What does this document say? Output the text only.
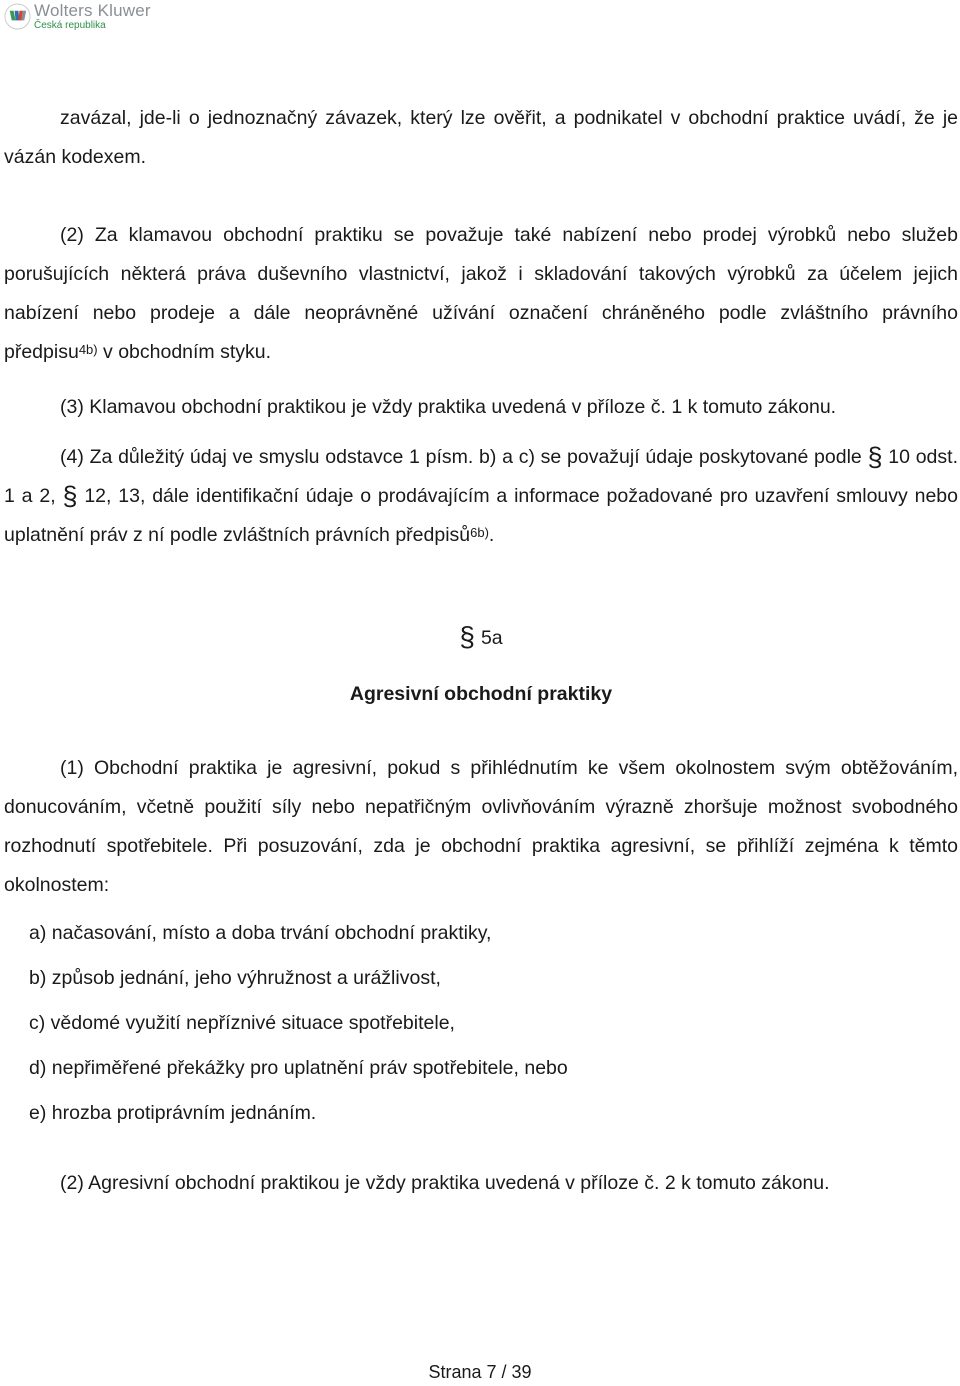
Wolters Kluwer
Česká republika

zavázal, jde-li o jednoznačný závazek, který lze ověřit, a podnikatel v obchodní praktice uvádí, že je vázán kodexem.

(2) Za klamavou obchodní praktiku se považuje také nabízení nebo prodej výrobků nebo služeb porušujících některá práva duševního vlastnictví, jakož i skladování takových výrobků za účelem jejich nabízení nebo prodeje a dále neoprávněné užívání označení chráněného podle zvláštního právního předpisu$^{4b)}$ v obchodním styku.

(3) Klamavou obchodní praktikou je vždy praktika uvedená v příloze č. 1 k tomuto zákonu.

(4) Za důležitý údaj ve smyslu odstavce 1 písm. b) a c) se považují údaje poskytované podle § 10 odst. 1 a 2, § 12, 13, dále identifikační údaje o prodávajícím a informace požadované pro uzavření smlouvy nebo uplatnění práv z ní podle zvláštních právních předpisů$^{6b)}$.

§ 5a
Agresivní obchodní praktiky

(1) Obchodní praktika je agresivní, pokud s přihlédnutím ke všem okolnostem svým obtěžováním, donucováním, včetně použití síly nebo nepatřičným ovlivňováním výrazně zhoršuje možnost svobodného rozhodnutí spotřebitele. Při posuzování, zda je obchodní praktika agresivní, se přihlíží zejména k těmto okolnostem:

a) načasování, místo a doba trvání obchodní praktiky,
b) způsob jednání, jeho výhružnost a urážlivost,
c) vědomé využití nepříznivé situace spotřebitele,
d) nepřiměřené překážky pro uplatnění práv spotřebitele, nebo
e) hrozba protiprávním jednáním.

(2) Agresivní obchodní praktikou je vždy praktika uvedená v příloze č. 2 k tomuto zákonu.

Strana 7 / 39
